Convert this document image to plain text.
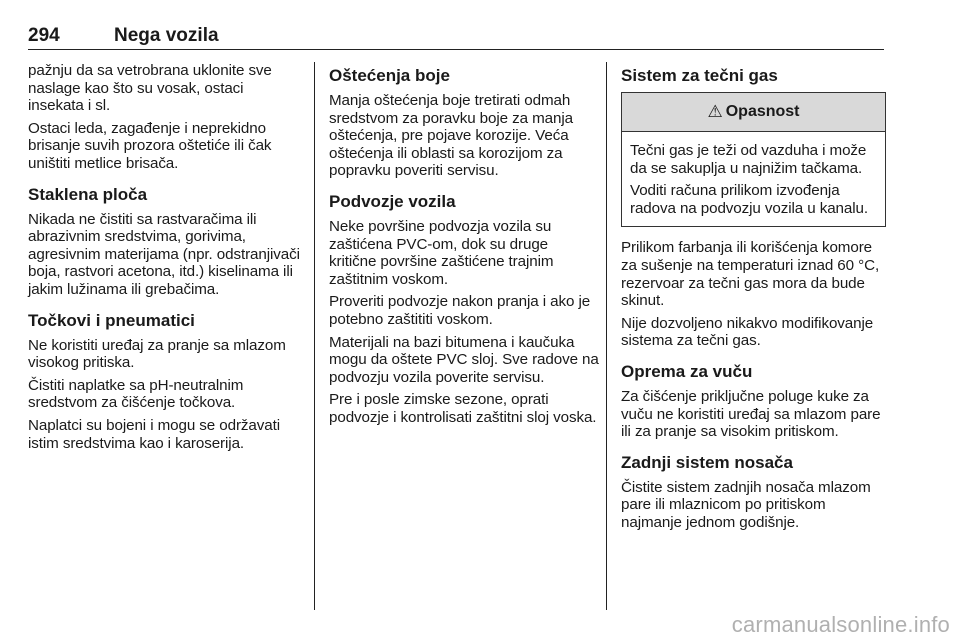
294	Nega vozila

pažnju da sa vetrobrana uklonite sve naslage kao što su vosak, ostaci insekata i sl.

Ostaci leda, zagađenje i neprekidno brisanje suvih prozora oštetiće ili čak uništiti metlice brisača.

Staklena ploča

Nikada ne čistiti sa rastvaračima ili abrazivnim sredstvima, gorivima, agresivnim materijama (npr. odstranjivači boja, rastvori acetona, itd.) kiselinama ili jakim lužinama ili grebačima.

Točkovi i pneumatici

Ne koristiti uređaj za pranje sa mlazom visokog pritiska.

Čistiti naplatke sa pH-neutralnim sredstvom za čišćenje točkova.

Naplatci su bojeni i mogu se održavati istim sredstvima kao i karoserija.

Oštećenja boje

Manja oštećenja boje tretirati odmah sredstvom za poravku boje za manja oštećenja, pre pojave korozije. Veća oštećenja ili oblasti sa korozijom za popravku poveriti servisu.

Podvozje vozila

Neke površine podvozja vozila su zaštićena PVC-om, dok su druge kritične površine zaštićene trajnim zaštitnim voskom.

Proveriti podvozje nakon pranja i ako je potebno zaštititi voskom.

Materijali na bazi bitumena i kaučuka mogu da oštete PVC sloj. Sve radove na podvozju vozila poverite servisu.

Pre i posle zimske sezone, oprati podvozje i kontrolisati zaštitni sloj voska.

Sistem za tečni gas
⚠ Opasnost

Tečni gas je teži od vazduha i može da se sakuplja u najnižim tačkama.

Voditi računa prilikom izvođenja radova na podvozju vozila u kanalu.

Prilikom farbanja ili korišćenja komore za sušenje na temperaturi iznad 60 °C, rezervoar za tečni gas mora da bude skinut.

Nije dozvoljeno nikakvo modifikovanje sistema za tečni gas.

Oprema za vuču

Za čišćenje priključne poluge kuke za vuču ne koristiti uređaj sa mlazom pare ili za pranje sa visokim pritiskom.

Zadnji sistem nosača

Čistite sistem zadnjih nosača mlazom pare ili mlaznicom po pritiskom najmanje jednom godišnje.

carmanualsonline.info
